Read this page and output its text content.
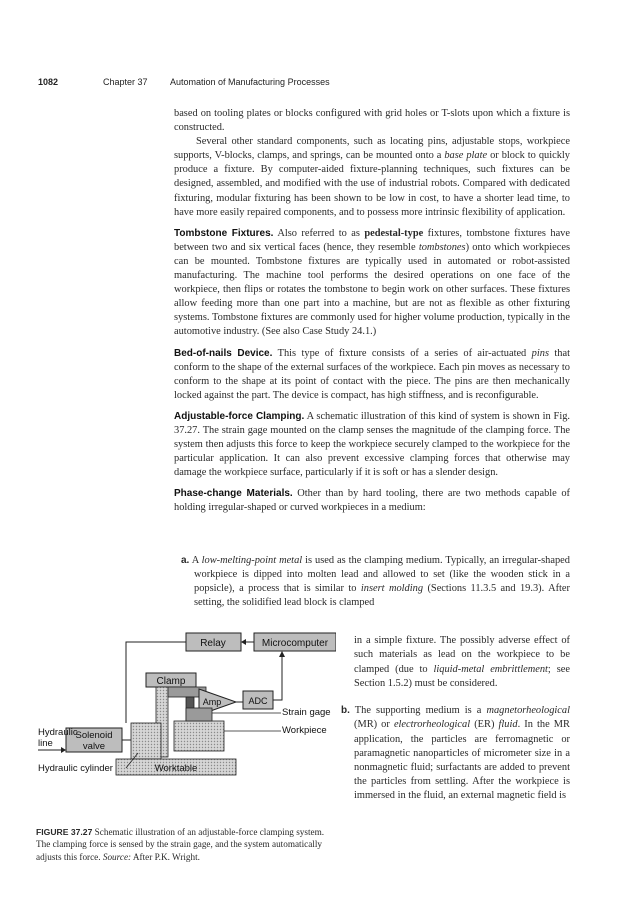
1082	Chapter 37 Automation of Manufacturing Processes

based on tooling plates or blocks configured with grid holes or T-slots upon which a fixture is constructed.

Several other standard components, such as locating pins, adjustable stops, workpiece supports, V-blocks, clamps, and springs, can be mounted onto a base plate or block to quickly produce a fixture. By computer-aided fixture-planning techniques, such fixtures can be designed, assembled, and modified with the use of industrial robots. Compared with dedicated fixturing, modular fixturing has been shown to be low in cost, to have a shorter lead time, to have more easily repaired components, and to possess more intrinsic flexibility of application.

Tombstone Fixtures. Also referred to as pedestal-type fixtures, tombstone fixtures have between two and six vertical faces (hence, they resemble tombstones) onto which workpieces can be mounted. Tombstone fixtures are typically used in automated or robot-assisted manufacturing. The machine tool performs the desired operations on one face of the workpiece, then flips or rotates the tombstone to begin work on other surfaces. These fixtures allow feeding more than one part into a machine, but are not as flexible as other fixturing systems. Tombstone fixtures are commonly used for higher volume production, typically in the automotive industry. (See also Case Study 24.1.)

Bed-of-nails Device. This type of fixture consists of a series of air-actuated pins that conform to the shape of the external surfaces of the workpiece. Each pin moves as necessary to conform to the shape at its point of contact with the piece. The pins are then mechanically locked against the part. The device is compact, has high stiffness, and is reconfigurable.

Adjustable-force Clamping. A schematic illustration of this kind of system is shown in Fig. 37.27. The strain gage mounted on the clamp senses the magnitude of the clamping force. The system then adjusts this force to keep the workpiece securely clamped to the workpiece for the particular application. It can also prevent excessive clamping forces that otherwise may damage the workpiece surface, particularly if it is soft or has a slender design.

Phase-change Materials. Other than by hard tooling, there are two methods capable of holding irregular-shaped or curved workpieces in a medium:

a. A low-melting-point metal is used as the clamping medium. Typically, an irregular-shaped workpiece is dipped into molten lead and allowed to set (like the wooden stick in a popsicle), a process that is similar to insert molding (Sections 11.3.5 and 19.3). After setting, the solidified lead block is clamped

in a simple fixture. The possibly adverse effect of such materials as lead on the workpiece to be clamped (due to liquid-metal embrittlement; see Section 1.5.2) must be considered.

b. The supporting medium is a magnetorheological (MR) or electrorheological (ER) fluid. In the MR application, the particles are ferromagnetic or paramagnetic nanoparticles of micrometer size in a nonmagnetic fluid; surfactants are added to prevent the particles from settling. After the workpiece is immersed in the fluid, an external magnetic field is

Relay	Microcomputer
Clamp
Amp	ADC
Strain gage
Workpiece
Solenoid
valve
Hydraulic
line
Worktable
Hydraulic cylinder
FIGURE 37.27 Schematic illustration of an adjustable-force clamping system. The clamping force is sensed by the strain gage, and the system automatically adjusts this force. Source: After P.K. Wright.
